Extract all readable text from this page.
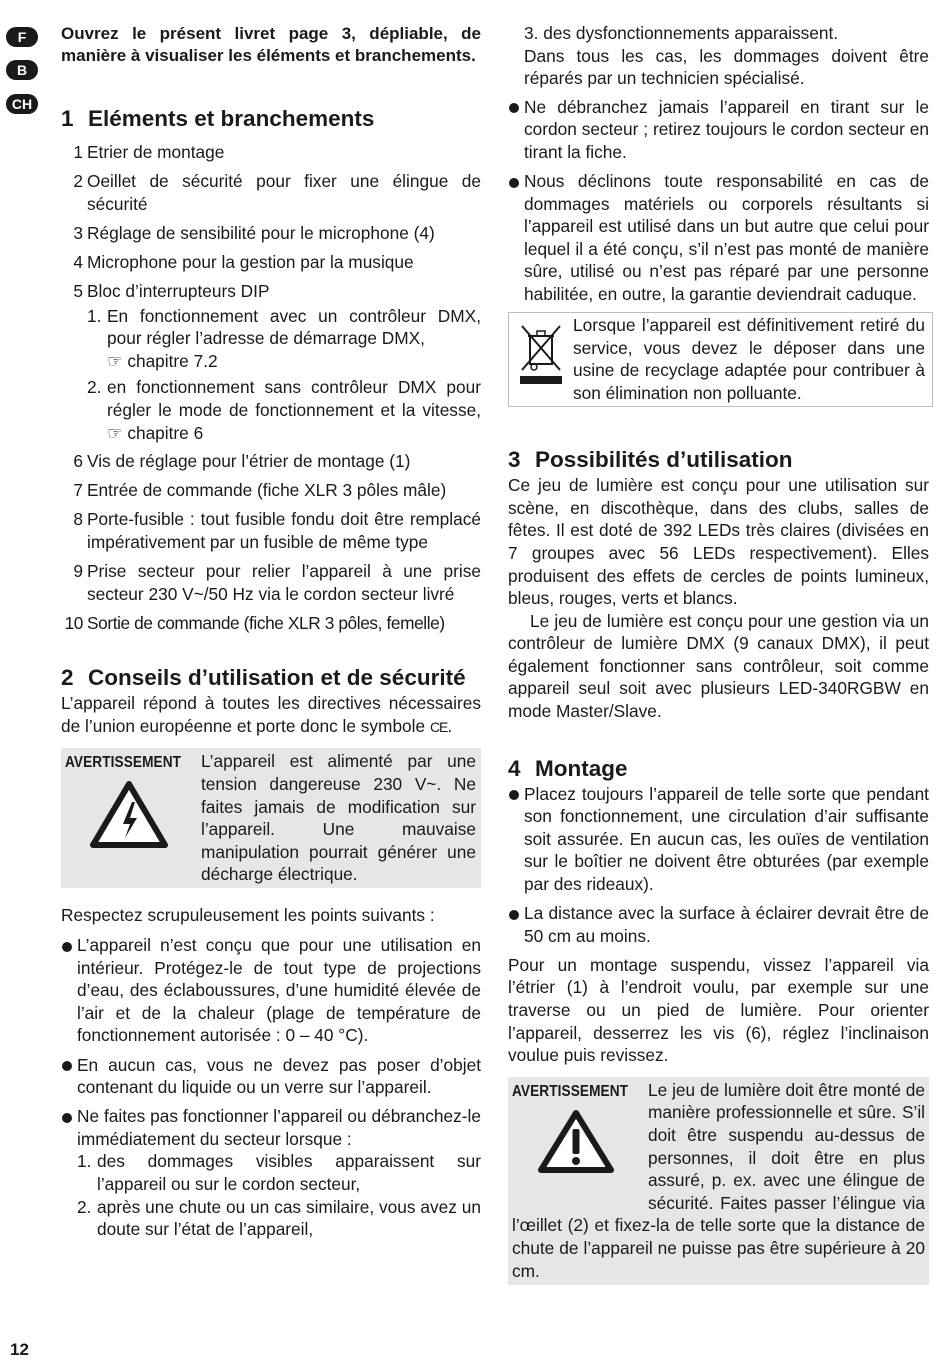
F
B
CH
12

Ouvrez le présent livret page 3, dépliable, de manière à visualiser les éléments et branchements.

1 Eléments et branchements
1 Etrier de montage
2 Oeillet de sécurité pour fixer une élingue de sécurité
3 Réglage de sensibilité pour le microphone (4)
4 Microphone pour la gestion par la musique
5 Bloc d’interrupteurs DIP
1. En fonctionnement avec un contrôleur DMX, pour régler l’adresse de démarrage DMX,
☞ chapitre 7.2
2. en fonctionnement sans contrôleur DMX pour régler le mode de fonctionnement et la vitesse, ☞ chapitre 6
6 Vis de réglage pour l’étrier de montage (1)
7 Entrée de commande (fiche XLR 3 pôles mâle)
8 Porte-fusible : tout fusible fondu doit être remplacé impérativement par un fusible de même type
9 Prise secteur pour relier l’appareil à une prise secteur 230 V~/50 Hz via le cordon secteur livré
10 Sortie de commande (fiche XLR 3 pôles, femelle)
2 Conseils d’utilisation et de sécurité

L’appareil répond à toutes les directives nécessaires de l’union européenne et porte donc le symbole CE.

AVERTISSEMENT	L’appareil est alimenté par une tension dangereuse 230 V~. Ne faites jamais de modification sur l’appareil. Une mauvaise manipulation pourrait générer une décharge électrique.

Respectez scrupuleusement les points suivants :

L’appareil n’est conçu que pour une utilisation en intérieur. Protégez-le de tout type de projections d’eau, des éclaboussures, d’une humidité élevée de l’air et de la chaleur (plage de température de fonctionnement autorisée : 0 – 40 °C).
En aucun cas, vous ne devez pas poser d’objet contenant du liquide ou un verre sur l’appareil.
Ne faites pas fonctionner l’appareil ou débranchez-le immédiatement du secteur lorsque :
1. des dommages visibles apparaissent sur l’appareil ou sur le cordon secteur,
2. après une chute ou un cas similaire, vous avez un doute sur l’état de l’appareil,

3. des dysfonctionnements apparaissent.

Dans tous les cas, les dommages doivent être réparés par un technicien spécialisé.

Ne débranchez jamais l’appareil en tirant sur le cordon secteur ; retirez toujours le cordon secteur en tirant la fiche.
Nous déclinons toute responsabilité en cas de dommages matériels ou corporels résultants si l’appareil est utilisé dans un but autre que celui pour lequel il a été conçu, s’il n’est pas monté de manière sûre, utilisé ou n’est pas réparé par une personne habilitée, en outre, la garantie deviendrait caduque.

Lorsque l’appareil est définitivement retiré du service, vous devez le déposer dans une usine de recyclage adaptée pour contribuer à son élimination non polluante.

3 Possibilités d’utilisation

Ce jeu de lumière est conçu pour une utilisation sur scène, en discothèque, dans des clubs, salles de fêtes. Il est doté de 392 LEDs très claires (divisées en 7 groupes avec 56 LEDs respectivement). Elles produisent des effets de cercles de points lumineux, bleus, rouges, verts et blancs.

Le jeu de lumière est conçu pour une gestion via un contrôleur de lumière DMX (9 canaux DMX), il peut également fonctionner sans contrôleur, soit comme appareil seul soit avec plusieurs LED-340RGBW en mode Master/Slave.

4 Montage
Placez toujours l’appareil de telle sorte que pendant son fonctionnement, une circulation d’air suffisante soit assurée. En aucun cas, les ouïes de ventilation sur le boîtier ne doivent être obturées (par exemple par des rideaux).
La distance avec la surface à éclairer devrait être de 50 cm au moins.

Pour un montage suspendu, vissez l’appareil via l’étrier (1) à l’endroit voulu, par exemple sur une traverse ou un pied de lumière. Pour orienter l’appareil, desserrez les vis (6), réglez l’inclinaison voulue puis revissez.

AVERTISSEMENT	Le jeu de lumière doit être monté de manière professionnelle et sûre. S’il doit être suspendu au-dessus de personnes, il doit être en plus assuré, p. ex. avec une élingue de sécurité. Faites passer l’élingue via l’œillet (2) et fixez-la de telle sorte que la distance de chute de l’appareil ne puisse pas être supérieure à 20 cm.
